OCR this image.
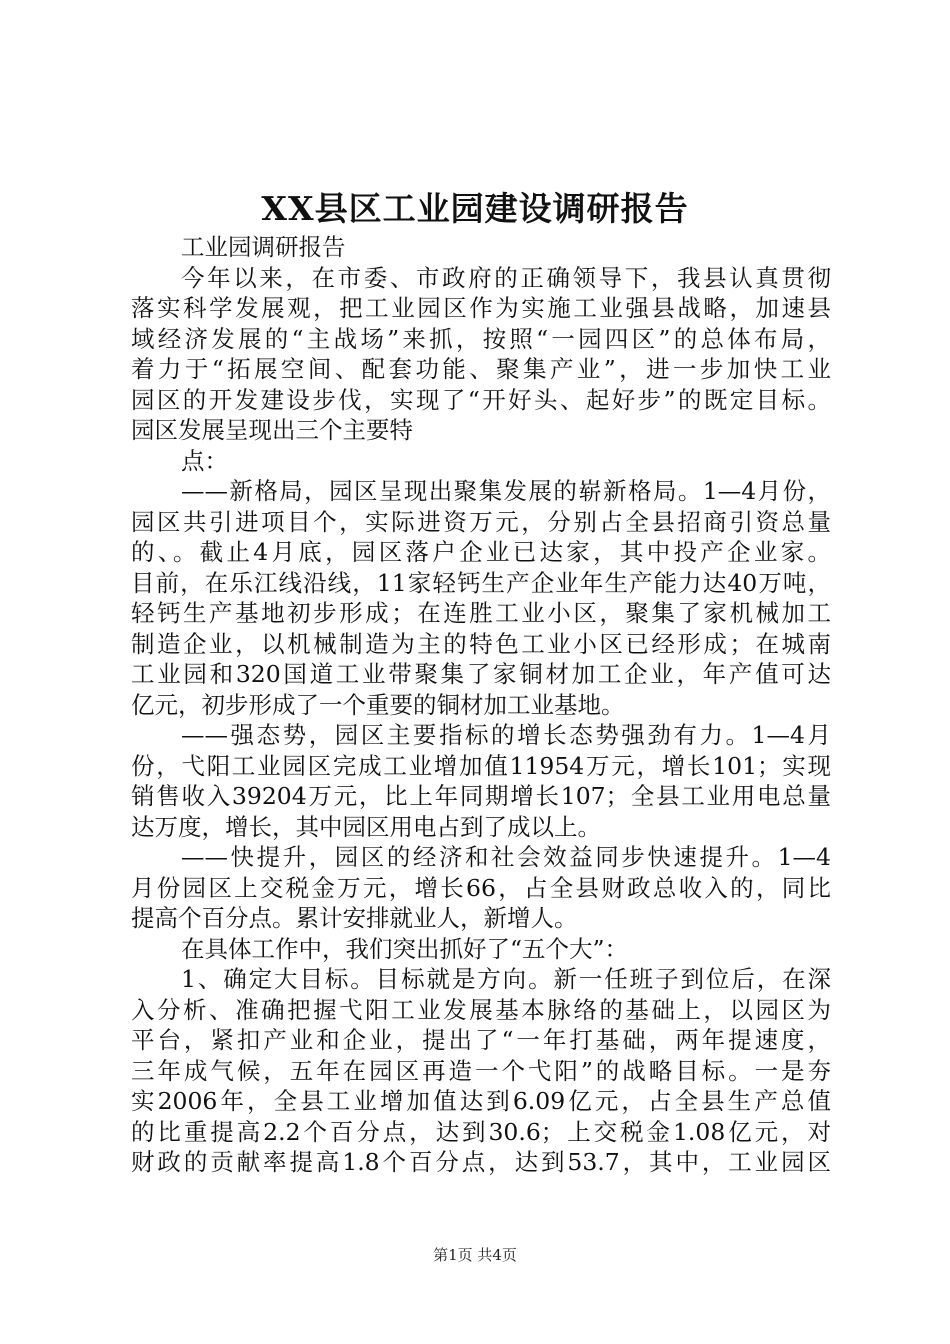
XX县区工业园建设调研报告
工业园调研报告
今年以来，在市委、市政府的正确领导下，我县认真贯彻
落实科学发展观，把工业园区作为实施工业强县战略，加速县
域经济发展的“主战场”来抓，按照“一园四区”的总体布局，
着力于“拓展空间、配套功能、聚集产业”，进一步加快工业
园区的开发建设步伐，实现了“开好头、起好步”的既定目标。
园区发展呈现出三个主要特
点：
——新格局，园区呈现出聚集发展的崭新格局。1—4月份，
园区共引进项目个，实际进资万元，分别占全县招商引资总量
的、。截止4月底，园区落户企业已达家，其中投产企业家。
目前，在乐江线沿线，11家轻钙生产企业年生产能力达40万吨，
轻钙生产基地初步形成；在连胜工业小区，聚集了家机械加工
制造企业，以机械制造为主的特色工业小区已经形成；在城南
工业园和320国道工业带聚集了家铜材加工企业，年产值可达
亿元，初步形成了一个重要的铜材加工业基地。
——强态势，园区主要指标的增长态势强劲有力。1—4月
份，弋阳工业园区完成工业增加值11954万元，增长101；实现
销售收入39204万元，比上年同期增长107；全县工业用电总量
达万度，增长，其中园区用电占到了成以上。
——快提升，园区的经济和社会效益同步快速提升。1—4
月份园区上交税金万元，增长66，占全县财政总收入的，同比
提高个百分点。累计安排就业人，新增人。
在具体工作中，我们突出抓好了“五个大”：
1、确定大目标。目标就是方向。新一任班子到位后，在深
入分析、准确把握弋阳工业发展基本脉络的基础上，以园区为
平台，紧扣产业和企业，提出了“一年打基础，两年提速度，
三年成气候，五年在园区再造一个弋阳”的战略目标。一是夯
实2006年，全县工业增加值达到6.09亿元，占全县生产总值
的比重提高2.2个百分点，达到30.6；上交税金1.08亿元，对
财政的贡献率提高1.8个百分点，达到53.7，其中，工业园区
第1页 共4页
